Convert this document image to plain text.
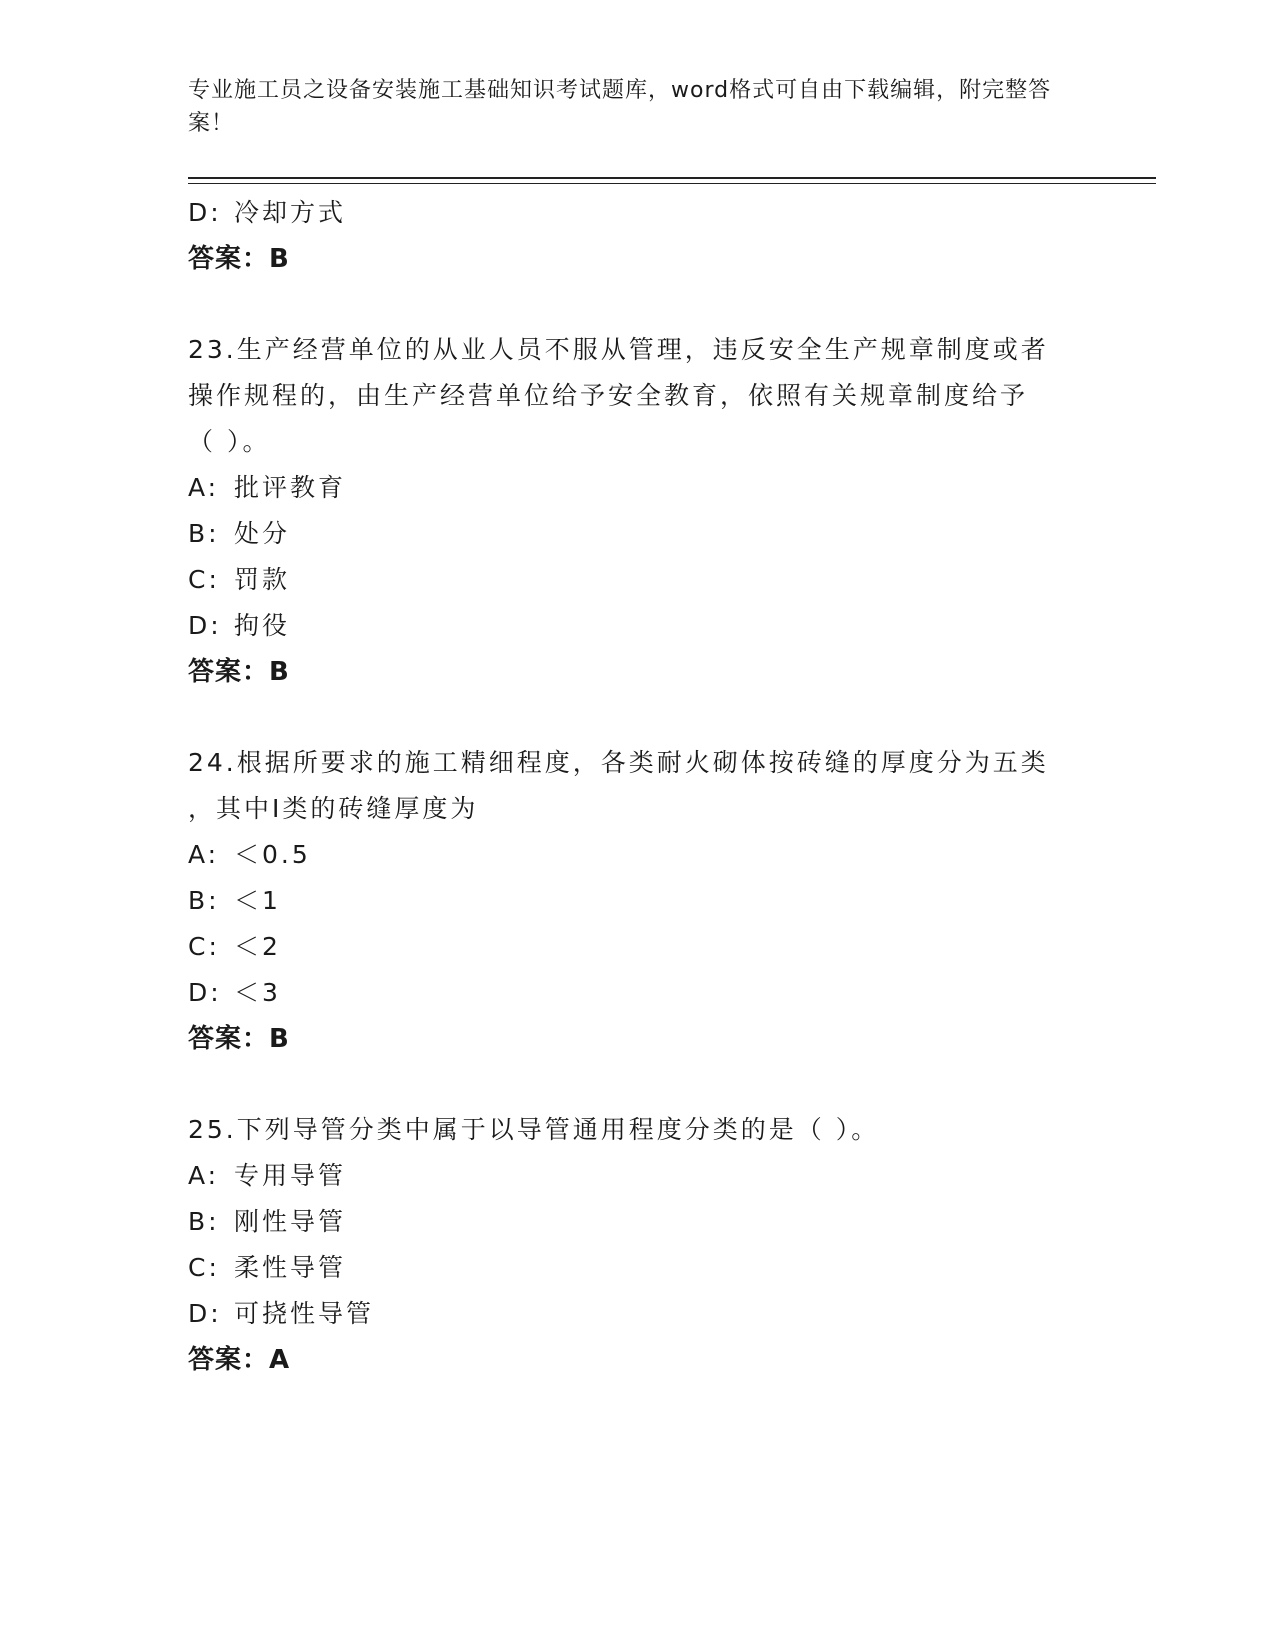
专业施工员之设备安装施工基础知识考试题库，word格式可自由下载编辑，附完整答案！
D: 冷却方式
答案：B
23.生产经营单位的从业人员不服从管理，违反安全生产规章制度或者
操作规程的，由生产经营单位给予安全教育，依照有关规章制度给予
（ ）。
A: 批评教育
B: 处分
C: 罚款
D: 拘役
答案：B
24.根据所要求的施工精细程度，各类耐火砌体按砖缝的厚度分为五类
，其中I类的砖缝厚度为
A: ＜0.5
B: ＜1
C: ＜2
D: ＜3
答案：B
25.下列导管分类中属于以导管通用程度分类的是（ ）。
A: 专用导管
B: 刚性导管
C: 柔性导管
D: 可挠性导管
答案：A
